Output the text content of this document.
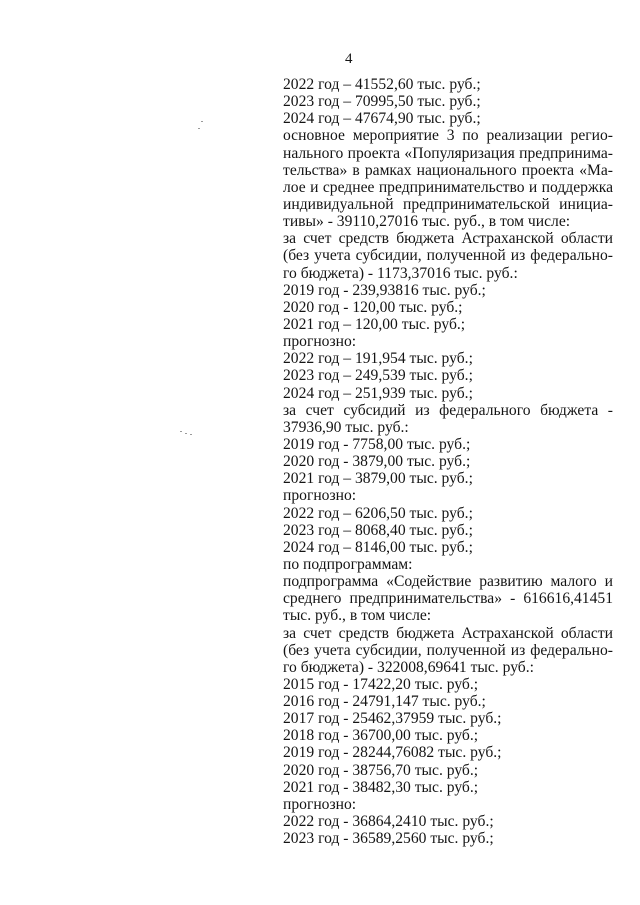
4
2022 год – 41552,60 тыс. руб.;
2023 год – 70995,50 тыс. руб.;
2024 год – 47674,90 тыс. руб.;
основное мероприятие 3 по реализации регио-
нального проекта «Популяризация предпринима-
тельства» в рамках национального проекта «Ма-
лое и среднее предпринимательство и поддержка
индивидуальной предпринимательской инициа-
тивы» - 39110,27016 тыс. руб., в том числе:
за счет средств бюджета Астраханской области
(без учета субсидии, полученной из федерально-
го бюджета) - 1173,37016 тыс. руб.:
2019 год - 239,93816 тыс. руб.;
2020 год - 120,00 тыс. руб.;
2021 год – 120,00 тыс. руб.;
прогнозно:
2022 год – 191,954 тыс. руб.;
2023 год – 249,539 тыс. руб.;
2024 год – 251,939 тыс. руб.;
за счет субсидий из федерального бюджета -
37936,90 тыс. руб.:
2019 год - 7758,00 тыс. руб.;
2020 год - 3879,00 тыс. руб.;
2021 год – 3879,00 тыс. руб.;
прогнозно:
2022 год – 6206,50 тыс. руб.;
2023 год – 8068,40 тыс. руб.;
2024 год – 8146,00 тыс. руб.;
по подпрограммам:
подпрограмма «Содействие развитию малого и
среднего предпринимательства» - 616616,41451
тыс. руб., в том числе:
за счет средств бюджета Астраханской области
(без учета субсидии, полученной из федерально-
го бюджета) - 322008,69641 тыс. руб.:
2015 год - 17422,20 тыс. руб.;
2016 год - 24791,147 тыс. руб.;
2017 год - 25462,37959 тыс. руб.;
2018 год - 36700,00 тыс. руб.;
2019 год - 28244,76082 тыс. руб.;
2020 год - 38756,70 тыс. руб.;
2021 год - 38482,30 тыс. руб.;
прогнозно:
2022 год - 36864,2410 тыс. руб.;
2023 год - 36589,2560 тыс. руб.;
